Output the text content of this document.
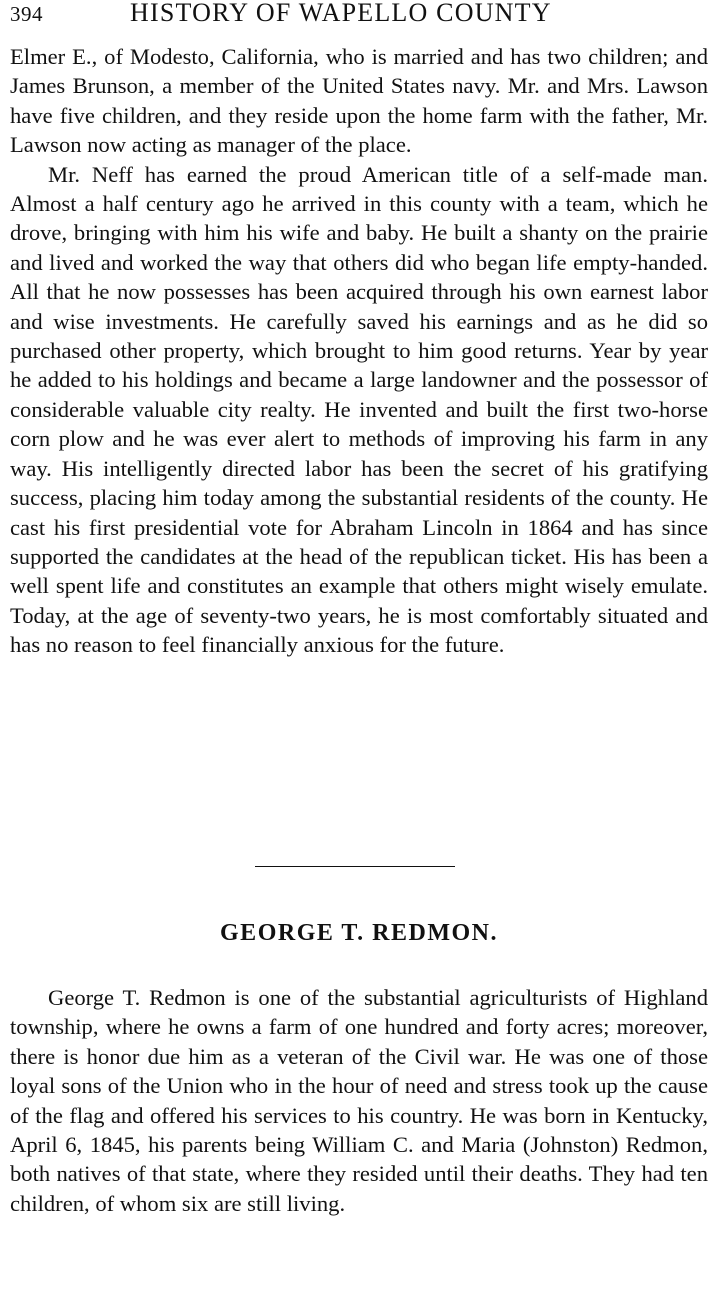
394	HISTORY OF WAPELLO COUNTY

Elmer E., of Modesto, California, who is married and has two children; and James Brunson, a member of the United States navy. Mr. and Mrs. Lawson have five children, and they reside upon the home farm with the father, Mr. Lawson now acting as manager of the place.

Mr. Neff has earned the proud American title of a self-made man. Almost a half century ago he arrived in this county with a team, which he drove, bringing with him his wife and baby. He built a shanty on the prairie and lived and worked the way that others did who began life empty-handed. All that he now possesses has been acquired through his own earnest labor and wise investments. He carefully saved his earnings and as he did so purchased other property, which brought to him good returns. Year by year he added to his holdings and became a large landowner and the possessor of considerable valuable city realty. He invented and built the first two-horse corn plow and he was ever alert to methods of improving his farm in any way. His intelligently directed labor has been the secret of his gratifying success, placing him today among the substantial residents of the county. He cast his first presidential vote for Abraham Lincoln in 1864 and has since supported the candidates at the head of the republican ticket. His has been a well spent life and constitutes an example that others might wisely emulate. Today, at the age of seventy-two years, he is most comfortably situated and has no reason to feel financially anxious for the future.

GEORGE T. REDMON.

George T. Redmon is one of the substantial agriculturists of Highland township, where he owns a farm of one hundred and forty acres; moreover, there is honor due him as a veteran of the Civil war. He was one of those loyal sons of the Union who in the hour of need and stress took up the cause of the flag and offered his services to his country. He was born in Kentucky, April 6, 1845, his parents being William C. and Maria (Johnston) Redmon, both natives of that state, where they resided until their deaths. They had ten children, of whom six are still living.
